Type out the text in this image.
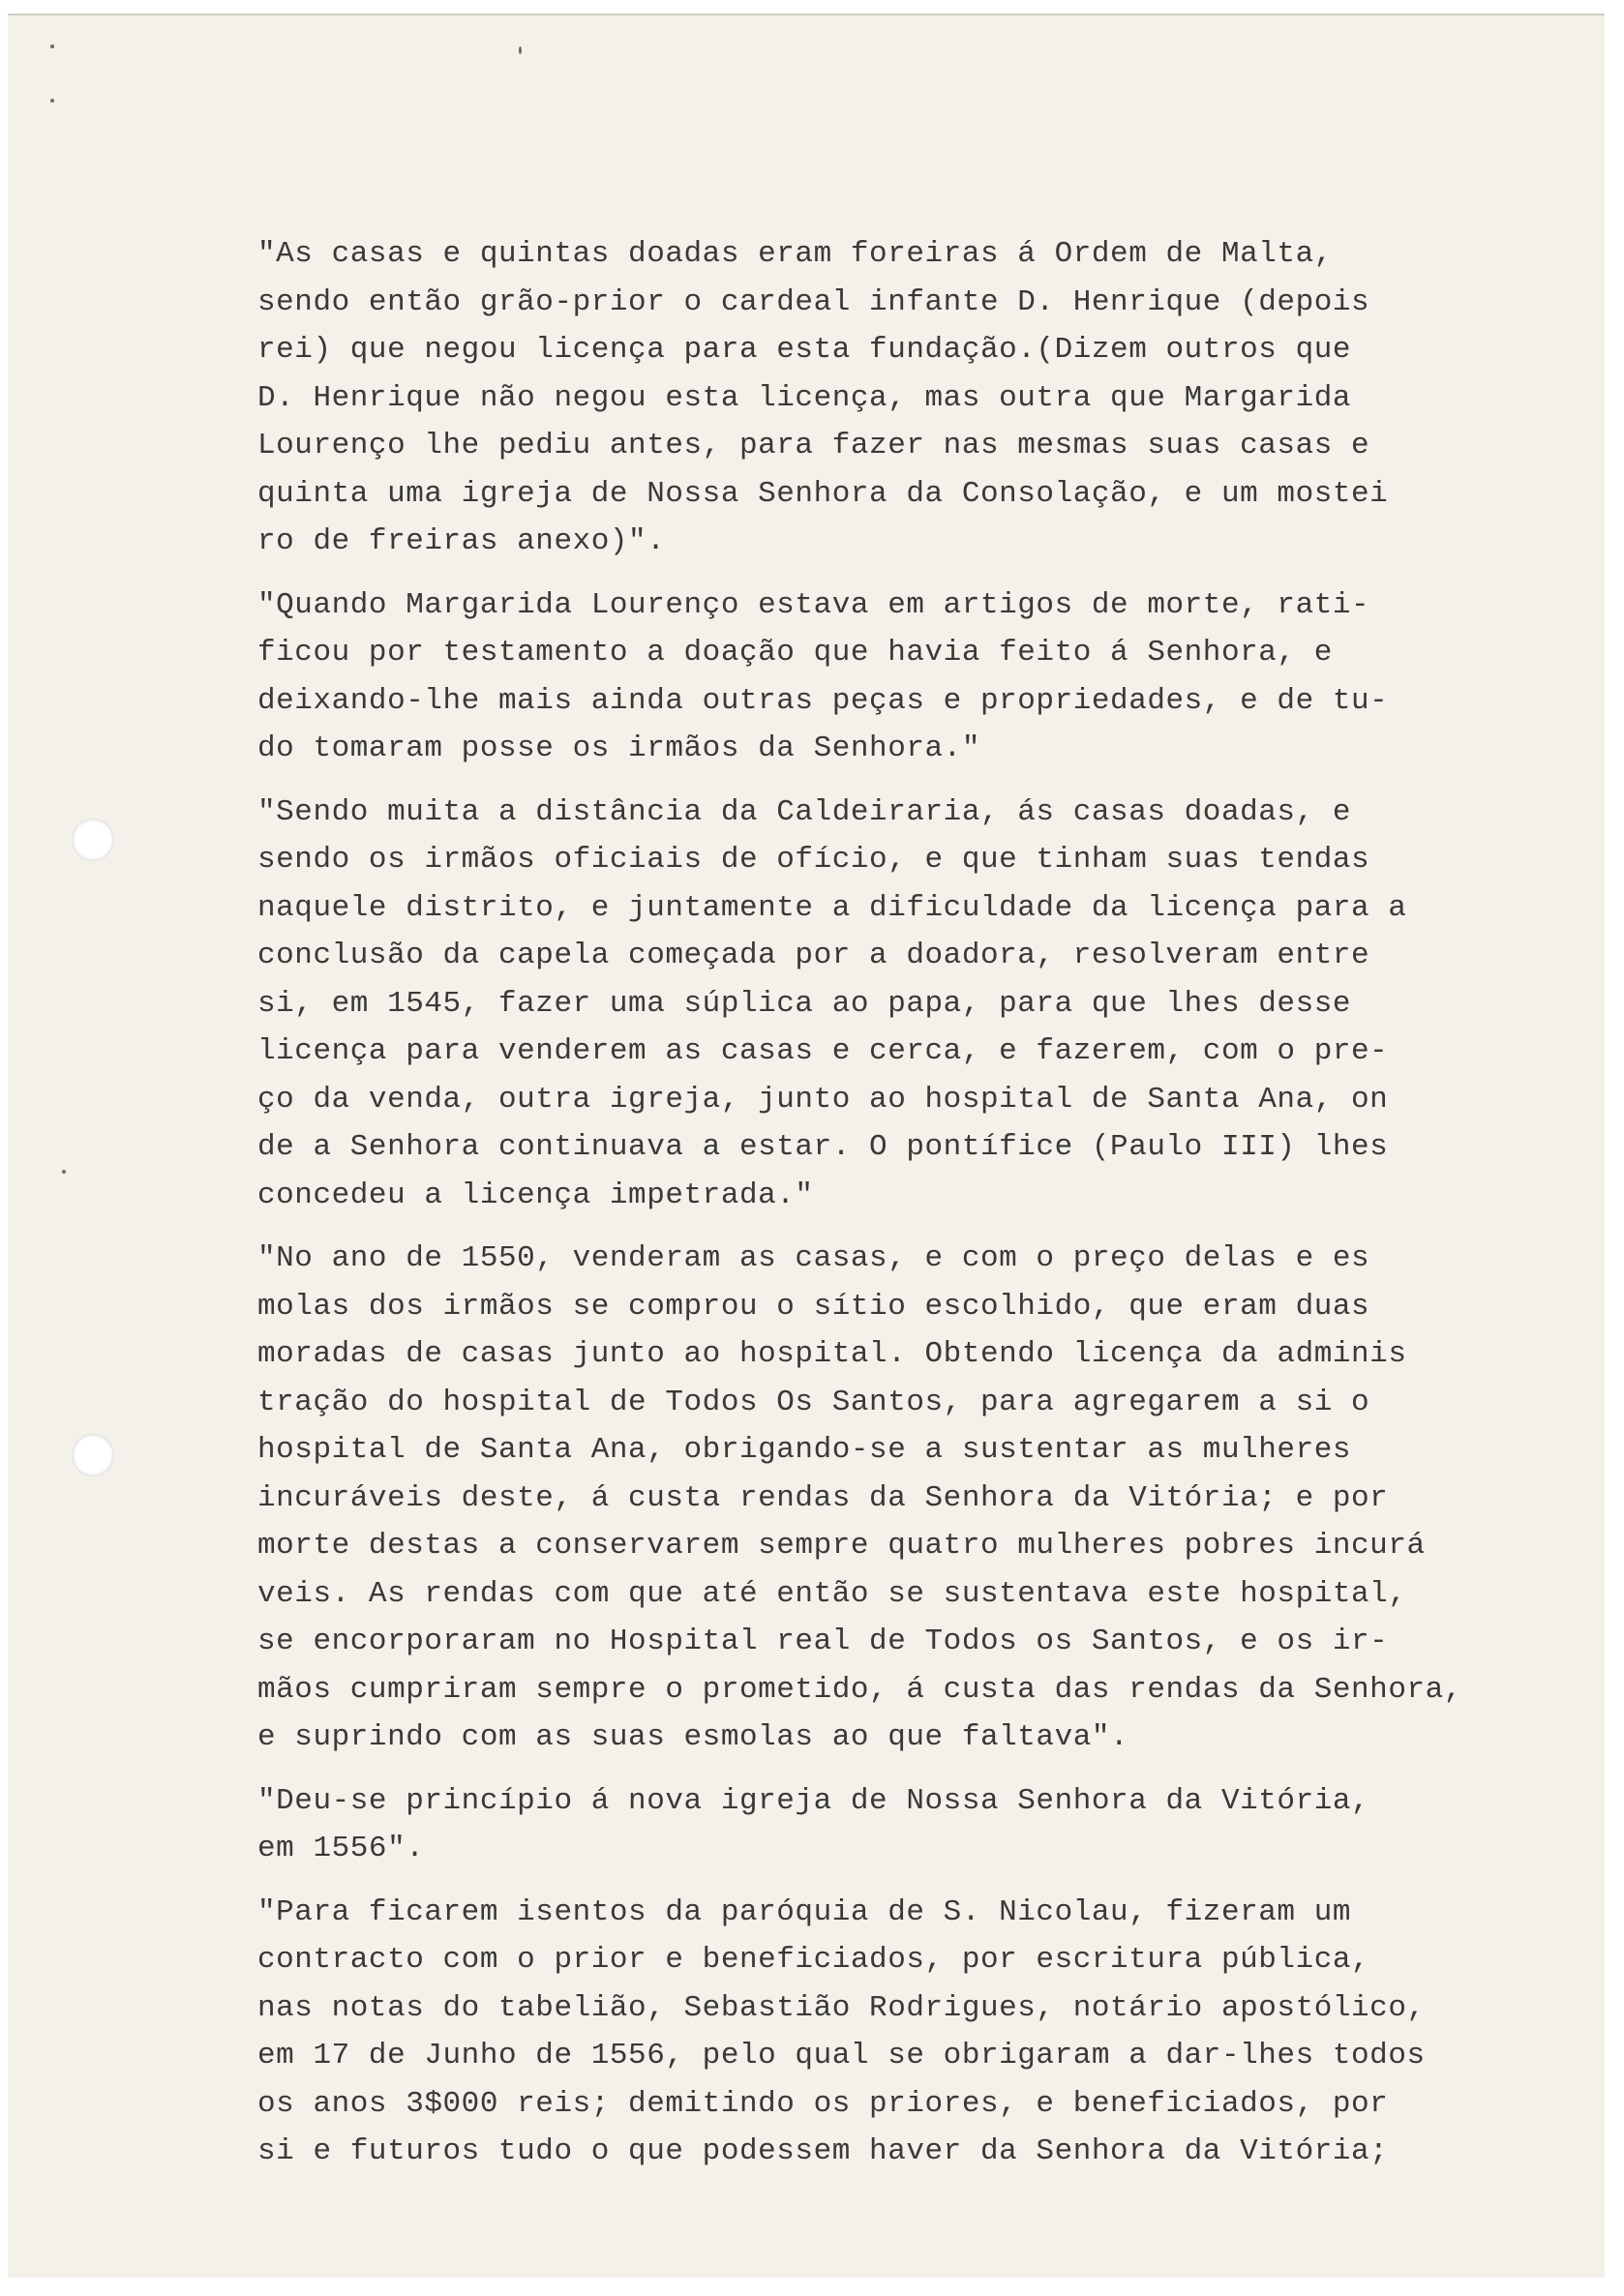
"As casas e quintas doadas eram foreiras á Ordem de Malta,
sendo então grão-prior o cardeal infante D. Henrique (depois
rei) que negou licença para esta fundação.(Dizem outros que
D. Henrique não negou esta licença, mas outra que Margarida
Lourenço lhe pediu antes, para fazer nas mesmas suas casas e
quinta uma igreja de Nossa Senhora da Consolação, e um mostei
ro de freiras anexo)".
"Quando Margarida Lourenço estava em artigos de morte, rati-
ficou por testamento a doação que havia feito á Senhora, e
deixando-lhe mais ainda outras peças e propriedades, e de tu-
do tomaram posse os irmãos da Senhora."
"Sendo muita a distância da Caldeiraria, ás casas doadas, e
sendo os irmãos oficiais de ofício, e que tinham suas tendas
naquele distrito, e juntamente a dificuldade da licença para a
conclusão da capela começada por a doadora, resolveram entre
si, em 1545, fazer uma súplica ao papa, para que lhes desse
licença para venderem as casas e cerca, e fazerem, com o pre-
ço da venda, outra igreja, junto ao hospital de Santa Ana, on
de a Senhora continuava a estar. O pontífice (Paulo III) lhes
concedeu a licença impetrada."
"No ano de 1550, venderam as casas, e com o preço delas e es
molas dos irmãos se comprou o sítio escolhido, que eram duas
moradas de casas junto ao hospital. Obtendo licença da adminis
tração do hospital de Todos Os Santos, para agregarem a si o
hospital de Santa Ana, obrigando-se a sustentar as mulheres
incuráveis deste, á custa rendas da Senhora da Vitória; e por
morte destas a conservarem sempre quatro mulheres pobres incurá
veis. As rendas com que até então se sustentava este hospital,
se encorporaram no Hospital real de Todos os Santos, e os ir-
mãos cumpriram sempre o prometido, á custa das rendas da Senhora,
e suprindo com as suas esmolas ao que faltava".
"Deu-se princípio á nova igreja de Nossa Senhora da Vitória,
em 1556".
"Para ficarem isentos da paróquia de S. Nicolau, fizeram um
contracto com o prior e beneficiados, por escritura pública,
nas notas do tabelião, Sebastião Rodrigues, notário apostólico,
em 17 de Junho de 1556, pelo qual se obrigaram a dar-lhes todos
os anos 3$000 reis; demitindo os priores, e beneficiados, por
si e futuros tudo o que podessem haver da Senhora da Vitória;
